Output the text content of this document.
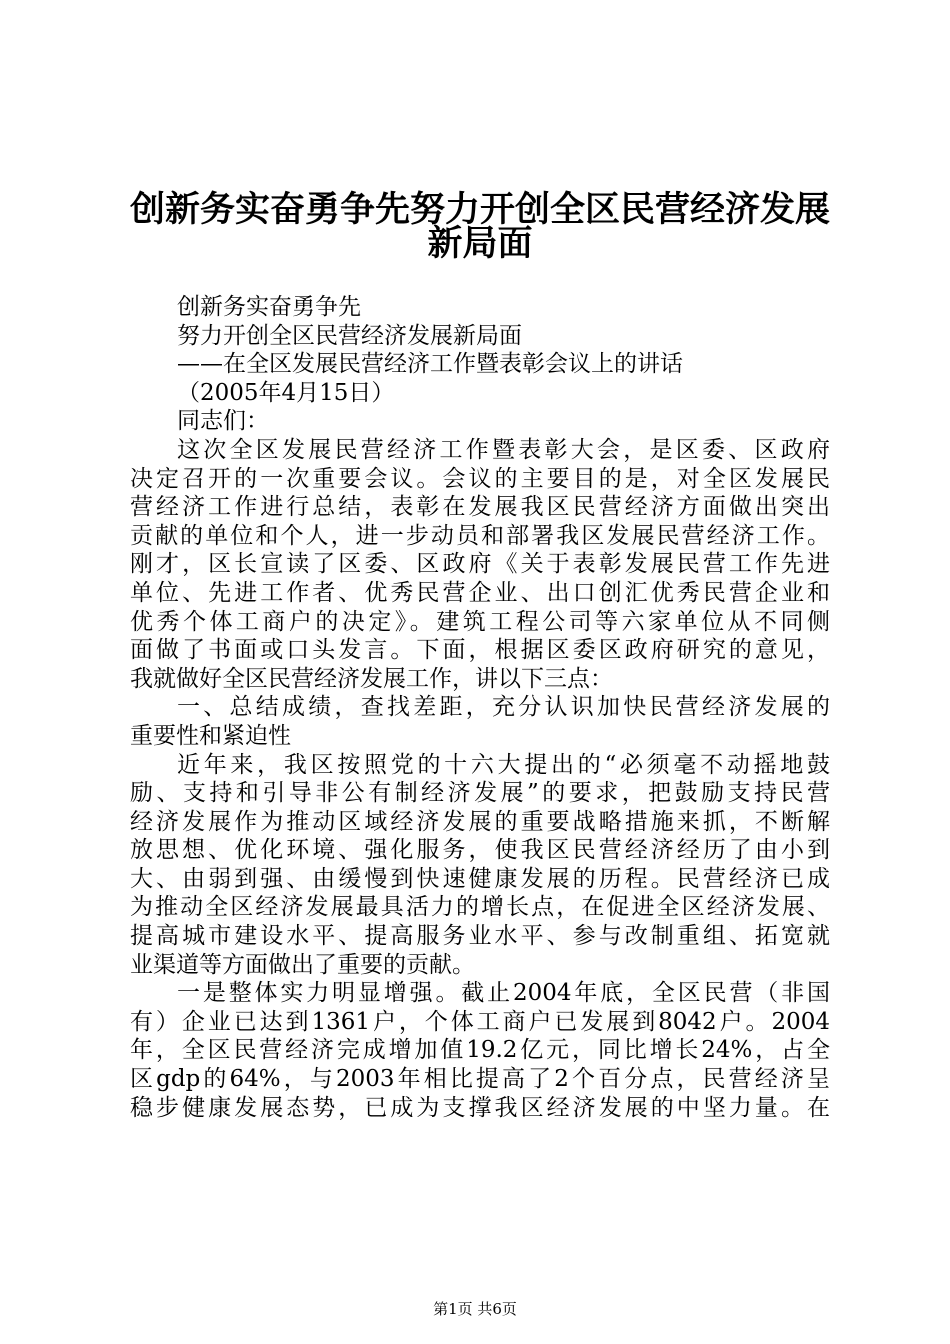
创新务实奋勇争先努力开创全区民营经济发展
新局面
创新务实奋勇争先
努力开创全区民营经济发展新局面
——在全区发展民营经济工作暨表彰会议上的讲话
（2005年4月15日）
同志们：
这次全区发展民营经济工作暨表彰大会，是区委、区政府
决定召开的一次重要会议。会议的主要目的是，对全区发展民
营经济工作进行总结，表彰在发展我区民营经济方面做出突出
贡献的单位和个人，进一步动员和部署我区发展民营经济工作。
刚才，区长宣读了区委、区政府《关于表彰发展民营工作先进
单位、先进工作者、优秀民营企业、出口创汇优秀民营企业和
优秀个体工商户的决定》。建筑工程公司等六家单位从不同侧
面做了书面或口头发言。下面，根据区委区政府研究的意见，
我就做好全区民营经济发展工作，讲以下三点：
一、总结成绩，查找差距，充分认识加快民营经济发展的
重要性和紧迫性
近年来，我区按照党的十六大提出的“必须毫不动摇地鼓
励、支持和引导非公有制经济发展”的要求，把鼓励支持民营
经济发展作为推动区域经济发展的重要战略措施来抓，不断解
放思想、优化环境、强化服务，使我区民营经济经历了由小到
大、由弱到强、由缓慢到快速健康发展的历程。民营经济已成
为推动全区经济发展最具活力的增长点，在促进全区经济发展、
提高城市建设水平、提高服务业水平、参与改制重组、拓宽就
业渠道等方面做出了重要的贡献。
一是整体实力明显增强。截止2004年底，全区民营（非国
有）企业已达到1361户，个体工商户已发展到8042户。2004
年，全区民营经济完成增加值19.2亿元，同比增长24%，占全
区gdp的64%，与2003年相比提高了2个百分点，民营经济呈
稳步健康发展态势，已成为支撑我区经济发展的中坚力量。在
第1页 共6页
